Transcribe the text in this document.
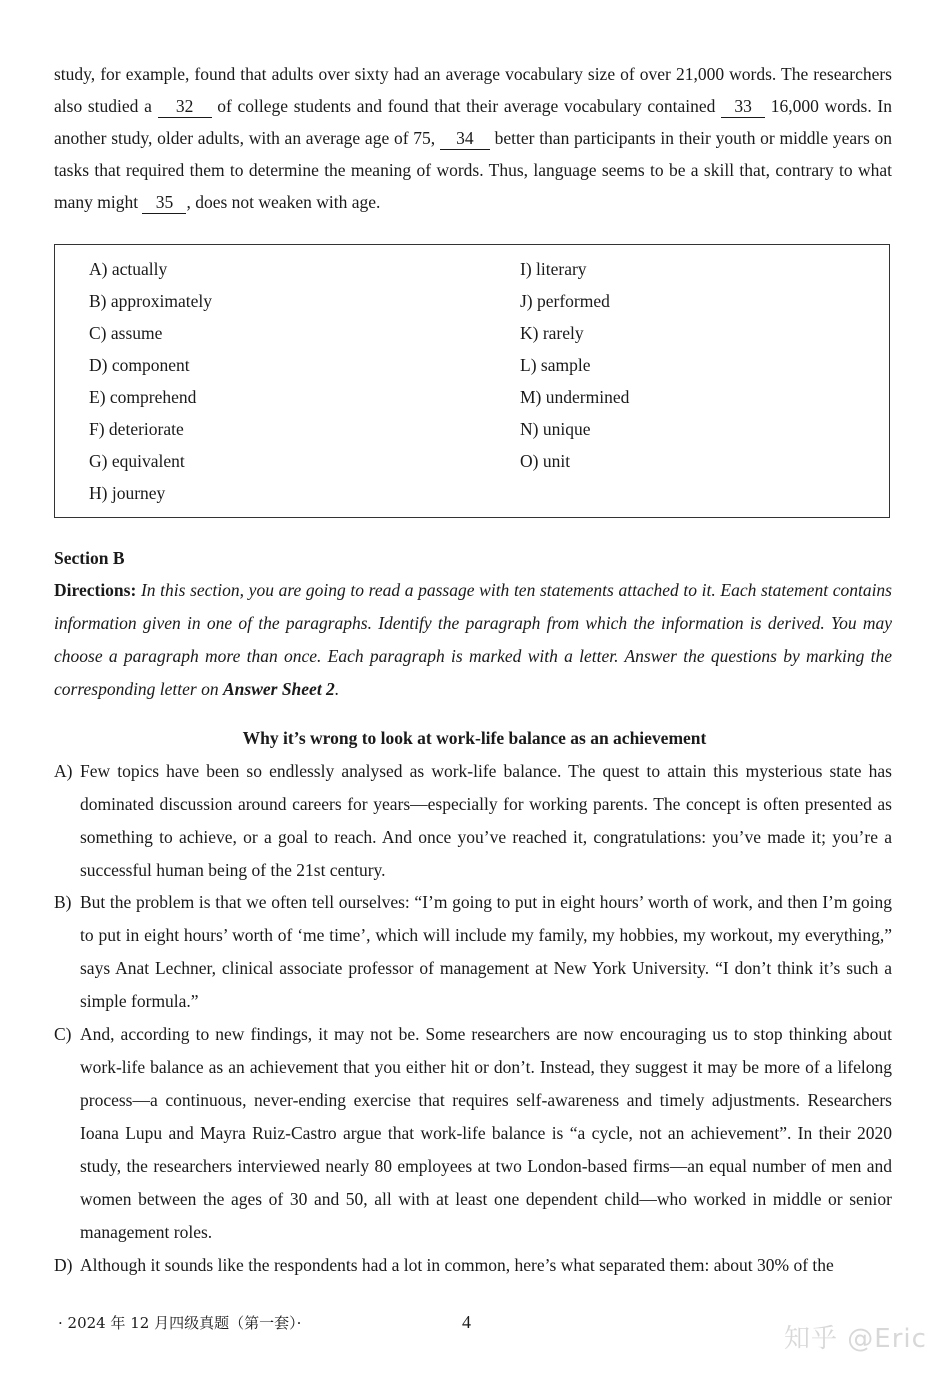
study, for example, found that adults over sixty had an average vocabulary size of over 21,000 words. The researchers also studied a 32 of college students and found that their average vocabulary contained 33 16,000 words. In another study, older adults, with an average age of 75, 34 better than participants in their youth or middle years on tasks that required them to determine the meaning of words. Thus, language seems to be a skill that, contrary to what many might 35 , does not weaken with age.
A) actually
B) approximately
C) assume
D) component
E) comprehend
F) deteriorate
G) equivalent
H) journey
I) literary
J) performed
K) rarely
L) sample
M) undermined
N) unique
O) unit
Section B
Directions: In this section, you are going to read a passage with ten statements attached to it. Each statement contains information given in one of the paragraphs. Identify the paragraph from which the information is derived. You may choose a paragraph more than once. Each paragraph is marked with a letter. Answer the questions by marking the corresponding letter on Answer Sheet 2.
Why it’s wrong to look at work-life balance as an achievement
A) Few topics have been so endlessly analysed as work-life balance. The quest to attain this mysterious state has dominated discussion around careers for years—especially for working parents. The concept is often presented as something to achieve, or a goal to reach. And once you’ve reached it, congratulations: you’ve made it; you’re a successful human being of the 21st century.
B) But the problem is that we often tell ourselves: “I’m going to put in eight hours’ worth of work, and then I’m going to put in eight hours’ worth of ‘me time’, which will include my family, my hobbies, my workout, my everything,” says Anat Lechner, clinical associate professor of management at New York University. “I don’t think it’s such a simple formula.”
C) And, according to new findings, it may not be. Some researchers are now encouraging us to stop thinking about work-life balance as an achievement that you either hit or don’t. Instead, they suggest it may be more of a lifelong process—a continuous, never-ending exercise that requires self-awareness and timely adjustments. Researchers Ioana Lupu and Mayra Ruiz-Castro argue that work-life balance is “a cycle, not an achievement”. In their 2020 study, the researchers interviewed nearly 80 employees at two London-based firms—an equal number of men and women between the ages of 30 and 50, all with at least one dependent child—who worked in middle or senior management roles.
D) Although it sounds like the respondents had a lot in common, here’s what separated them: about 30% of the
· 2024 年 12 月四级真题（第一套）·	4
知乎 @Eric
